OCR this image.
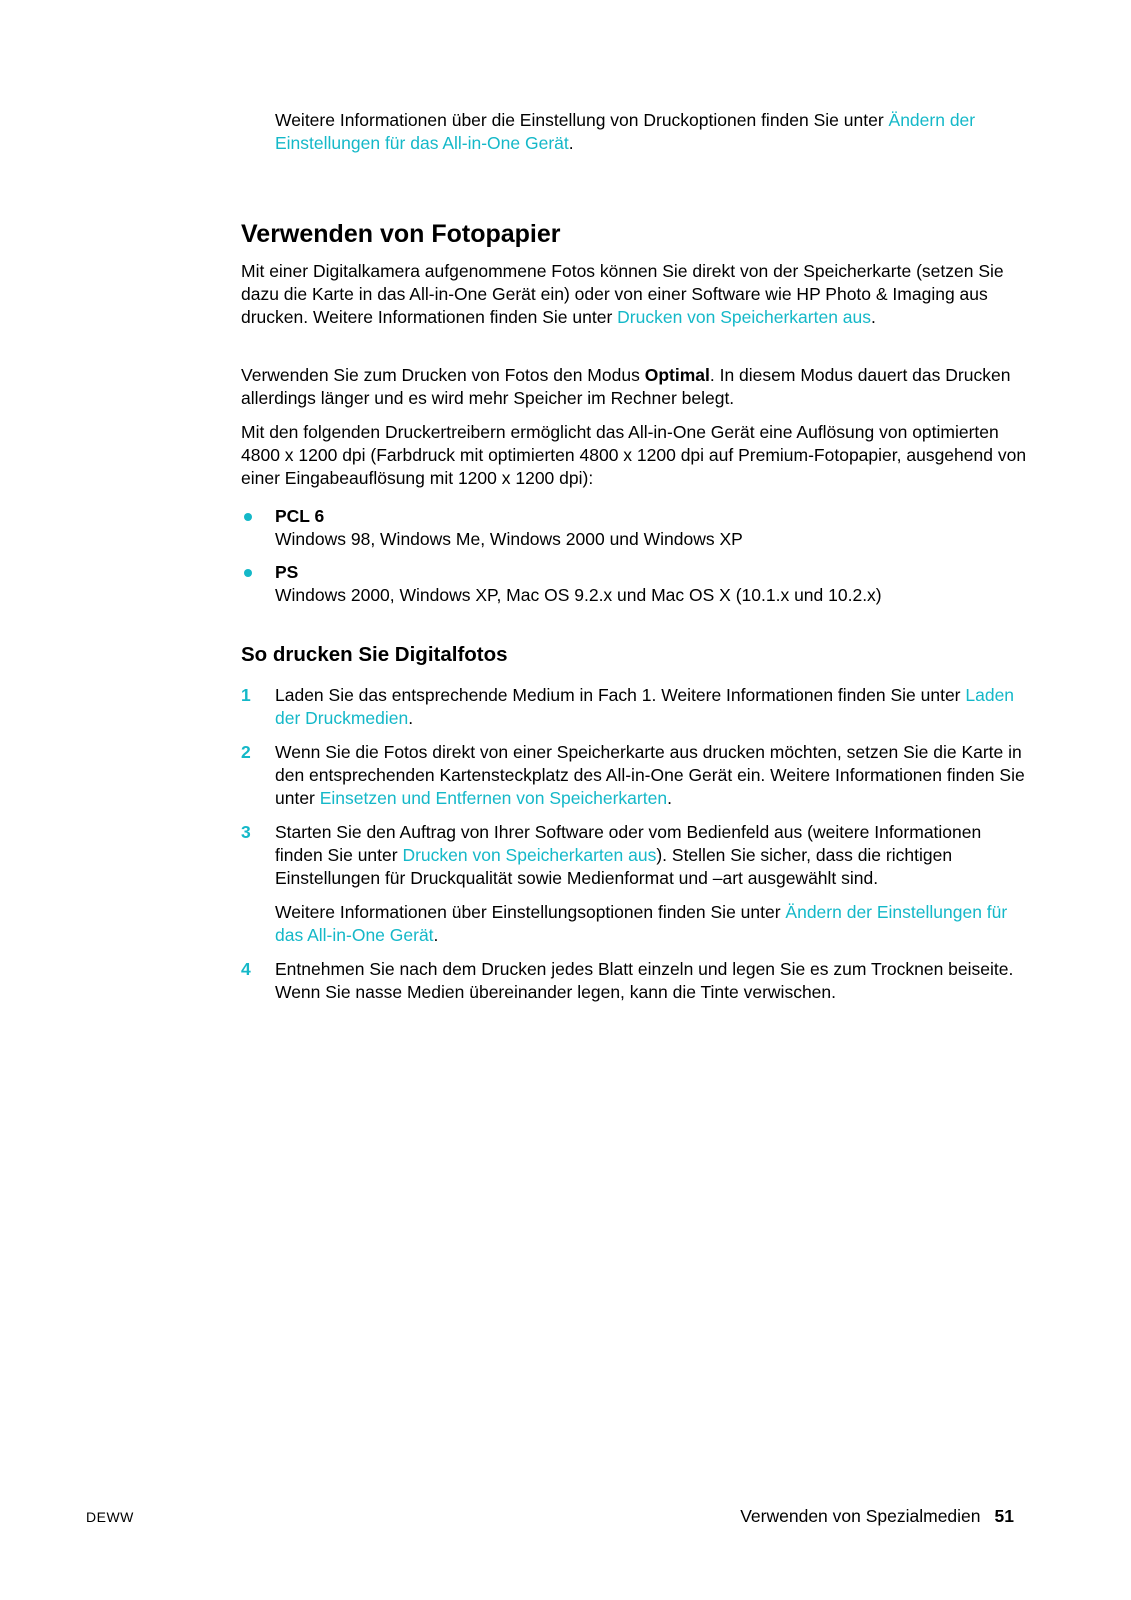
Weitere Informationen über die Einstellung von Druckoptionen finden Sie unter Ändern der Einstellungen für das All-in-One Gerät.

Verwenden von Fotopapier

Mit einer Digitalkamera aufgenommene Fotos können Sie direkt von der Speicherkarte (setzen Sie dazu die Karte in das All-in-One Gerät ein) oder von einer Software wie HP Photo & Imaging aus drucken. Weitere Informationen finden Sie unter Drucken von Speicherkarten aus.

Verwenden Sie zum Drucken von Fotos den Modus Optimal. In diesem Modus dauert das Drucken allerdings länger und es wird mehr Speicher im Rechner belegt.

Mit den folgenden Druckertreibern ermöglicht das All-in-One Gerät eine Auflösung von optimierten 4800 x 1200 dpi (Farbdruck mit optimierten 4800 x 1200 dpi auf Premium-Fotopapier, ausgehend von einer Eingabeauflösung mit 1200 x 1200 dpi):

PCL 6
Windows 98, Windows Me, Windows 2000 und Windows XP
PS
Windows 2000, Windows XP, Mac OS 9.2.x und Mac OS X (10.1.x und 10.2.x)
So drucken Sie Digitalfotos
1 Laden Sie das entsprechende Medium in Fach 1. Weitere Informationen finden Sie unter Laden der Druckmedien.
2 Wenn Sie die Fotos direkt von einer Speicherkarte aus drucken möchten, setzen Sie die Karte in den entsprechenden Kartensteckplatz des All-in-One Gerät ein. Weitere Informationen finden Sie unter Einsetzen und Entfernen von Speicherkarten.
3 Starten Sie den Auftrag von Ihrer Software oder vom Bedienfeld aus (weitere Informationen finden Sie unter Drucken von Speicherkarten aus). Stellen Sie sicher, dass die richtigen Einstellungen für Druckqualität sowie Medienformat und –art ausgewählt sind.
Weitere Informationen über Einstellungsoptionen finden Sie unter Ändern der Einstellungen für das All-in-One Gerät.
4 Entnehmen Sie nach dem Drucken jedes Blatt einzeln und legen Sie es zum Trocknen beiseite. Wenn Sie nasse Medien übereinander legen, kann die Tinte verwischen.
DEWW	Verwenden von Spezialmedien 51
